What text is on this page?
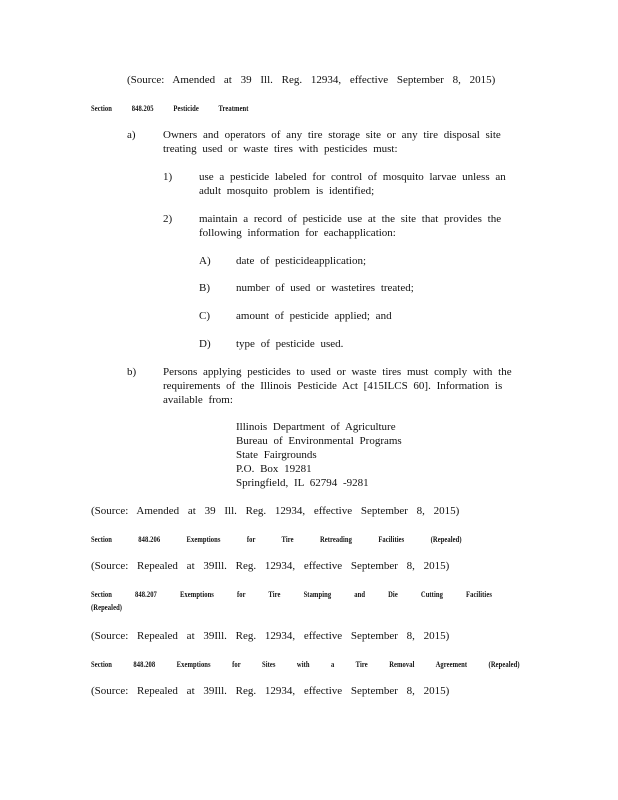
(Source: Amended at 39 Ill. Reg. 12934, effective September 8, 2015)
Section 848.205 Pesticide Treatment
a) Owners and operators of any tire storage site or any tire disposal site
treating used or waste tires with pesticides must:
1) use a pesticide labeled for control of mosquito larvae unless an
adult mosquito problem is identified;
2) maintain a record of pesticide use at the site that provides the
following information for eachapplication:
A) date of pesticideapplication;
B) number of used or wastetires treated;
C) amount of pesticide applied; and
D) type of pesticide used.
b) Persons applying pesticides to used or waste tires must comply with the
requirements of the Illinois Pesticide Act [415ILCS 60]. Information is
available from:
Illinois Department of Agriculture
Bureau of Environmental Programs
State Fairgrounds
P.O. Box 19281
Springfield, IL 62794 -9281
(Source: Amended at 39 Ill. Reg. 12934, effective September 8, 2015)
Section 848.206 Exemptions for Tire Retreading Facilities (Repealed)
(Source: Repealed at 39Ill. Reg. 12934, effective September 8, 2015)
Section 848.207 Exemptions for Tire Stamping and Die Cutting Facilities
(Repealed)
(Source: Repealed at 39Ill. Reg. 12934, effective September 8, 2015)
Section 848.208 Exemptions for Sites with a Tire Removal Agreement (Repealed)
(Source: Repealed at 39Ill. Reg. 12934, effective September 8, 2015)
